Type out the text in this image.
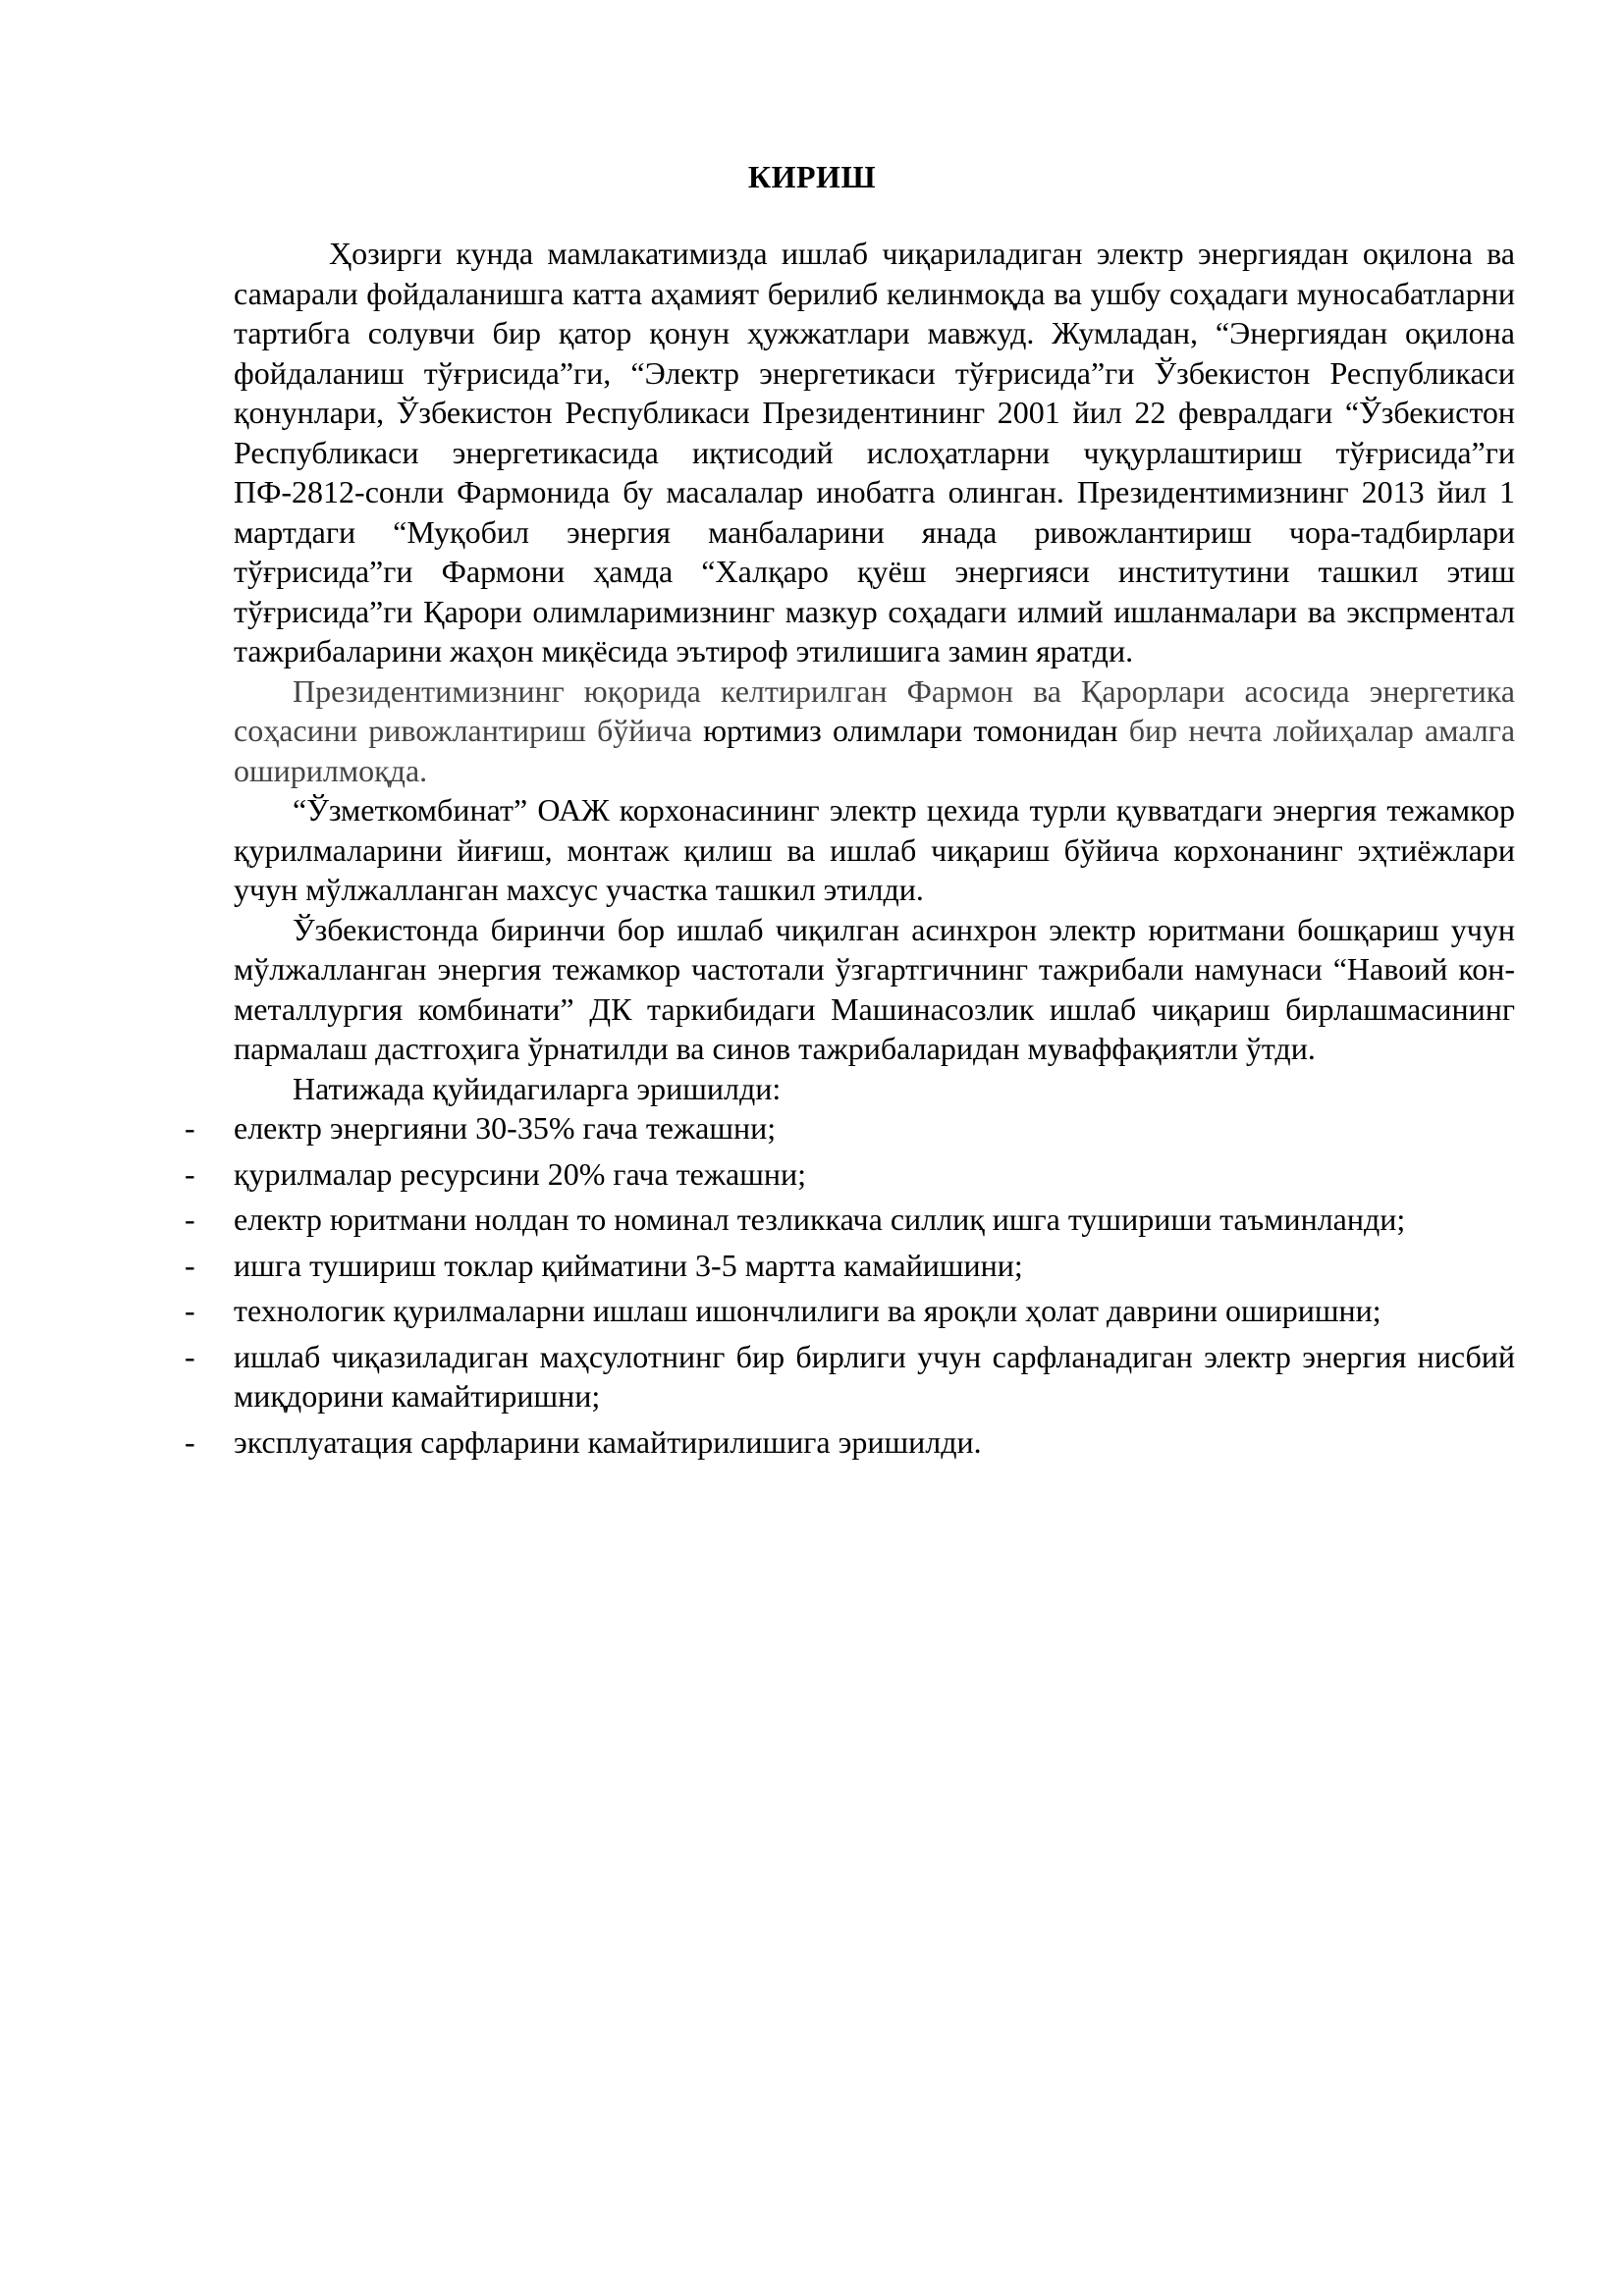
КИРИШ

Ҳозирги кунда мамлакатимизда ишлаб чиқариладиган электр энергиядан оқилона ва самарали фойдаланишга катта аҳамият берилиб келинмоқда ва ушбу соҳадаги муносабатларни тартибга солувчи бир қатор қонун ҳужжатлари мавжуд. Жумладан, “Энергиядан оқилона фойдаланиш тўғрисида”ги, “Электр энергетикаси тўғрисида”ги Ўзбекистон Республикаси қонунлари, Ўзбекистон Республикаси Президентининг 2001 йил 22 февралдаги “Ўзбекистон Республикаси энергетикасида иқтисодий ислоҳатларни чуқурлаштириш тўғрисида”ги ПФ-2812-сонли Фармонида бу масалалар инобатга олинган. Президентимизнинг 2013 йил 1 мартдаги “Муқобил энергия манбаларини янада ривожлантириш чора-тадбирлари тўғрисида”ги Фармони ҳамда “Халқаро қуёш энергияси институтини ташкил этиш тўғрисида”ги Қарори олимларимизнинг мазкур соҳадаги илмий ишланмалари ва экспрментал тажрибаларини жаҳон миқёсида эътироф этилишига замин яратди.

Президентимизнинг юқорида келтирилган Фармон ва Қарорлари асосида энергетика соҳасини ривожлантириш бўйича юртимиз олимлари томонидан бир нечта лойиҳалар амалга оширилмоқда.

“Ўзметкомбинат” ОАЖ корхонасининг электр цехида турли қувватдаги энергия тежамкор қурилмаларини йиғиш, монтаж қилиш ва ишлаб чиқариш бўйича корхонанинг эҳтиёжлари учун мўлжалланган махсус участка ташкил этилди.

Ўзбекистонда биринчи бор ишлаб чиқилган асинхрон электр юритмани бошқариш учун мўлжалланган энергия тежамкор частотали ўзгартгичнинг тажрибали намунаси “Навоий кон-металлургия комбинати” ДК таркибидаги Машинасозлик ишлаб чиқариш бирлашмасининг пармалаш дастгоҳига ўрнатилди ва синов тажрибаларидан муваффақиятли ўтди.

Натижада қуйидагиларга эришилди:

- електр энергияни 30-35% гача тежашни;
- қурилмалар ресурсини 20% гача тежашни;
- електр юритмани нолдан то номинал тезликкача силлиқ ишга тушириши таъминланди;
- ишга тушириш токлар қийматини 3-5 мартта камайишини;
- технологик қурилмаларни ишлаш ишончлилиги ва яроқли ҳолат даврини оширишни;
- ишлаб чиқазиладиган маҳсулотнинг бир бирлиги учун сарфланадиган электр энергия нисбий миқдорини камайтиришни;
- эксплуатация сарфларини камайтирилишига эришилди.
